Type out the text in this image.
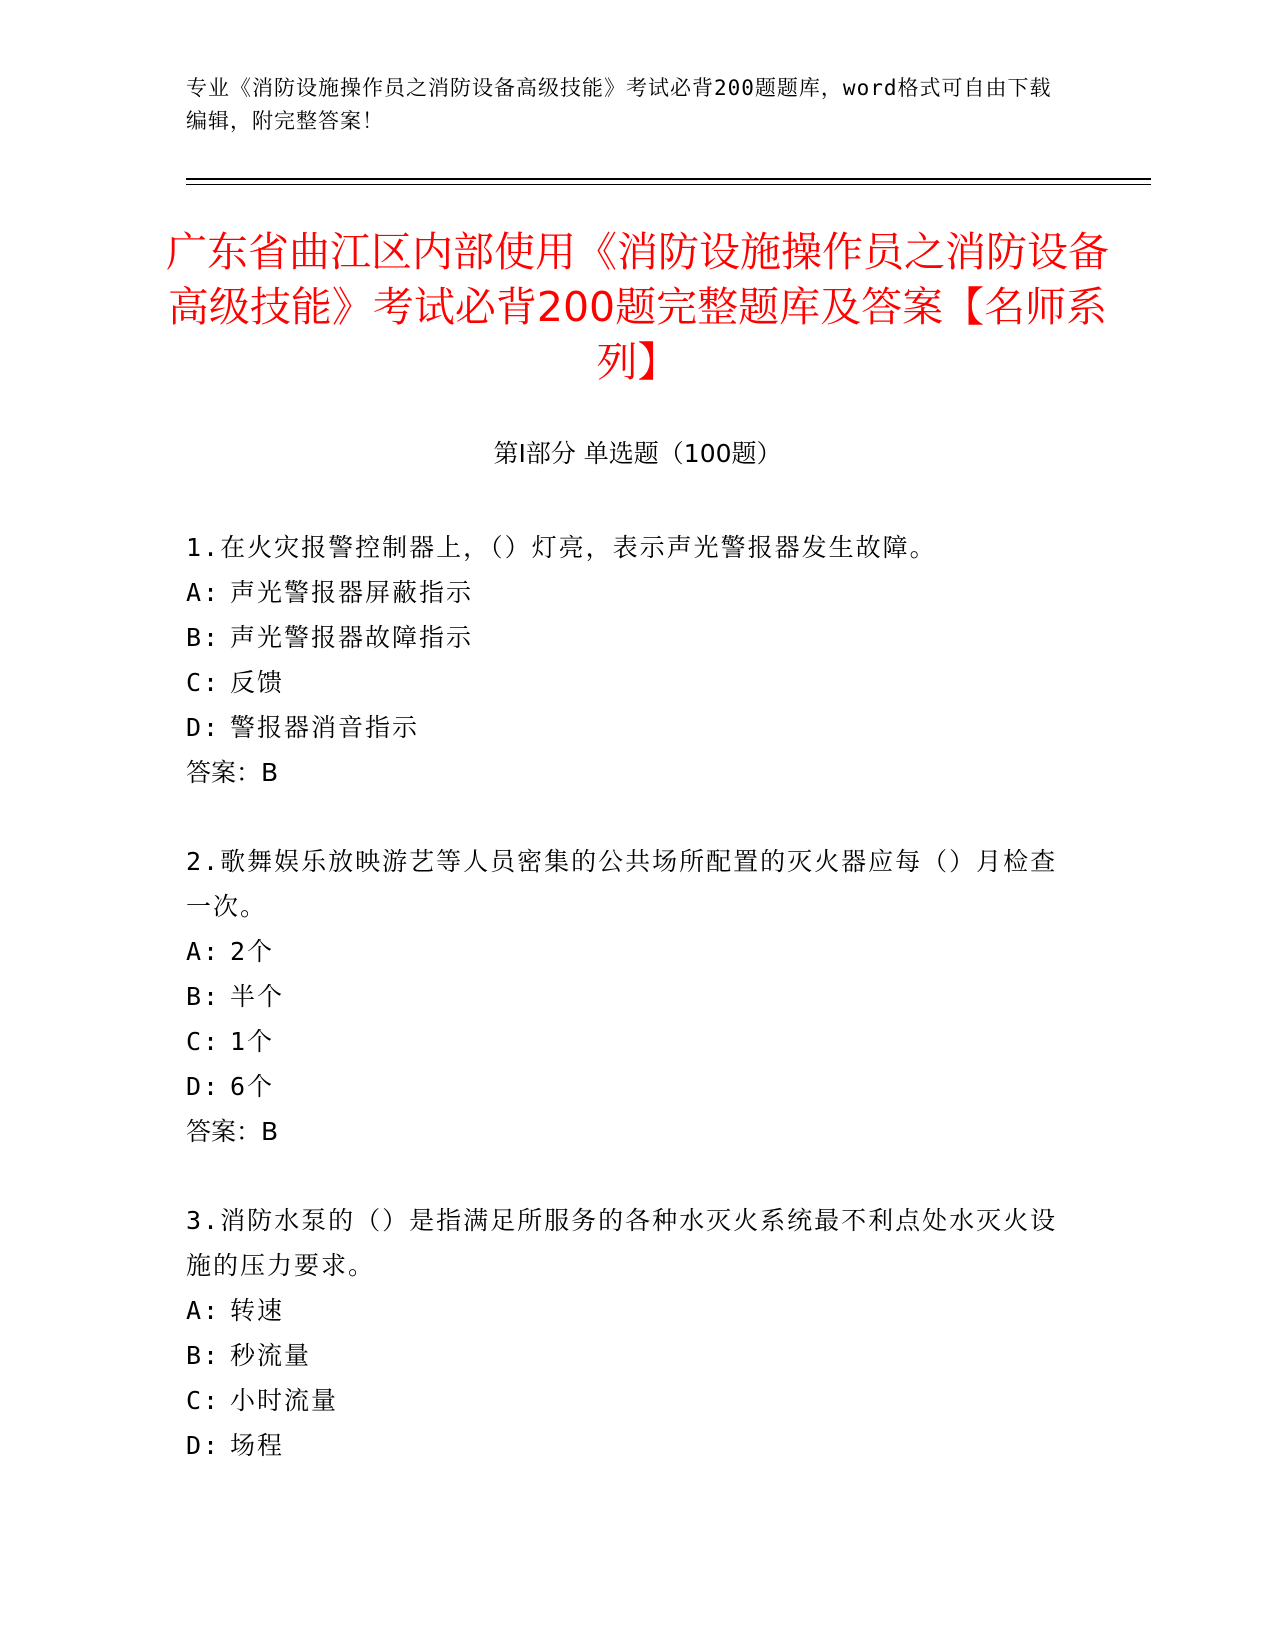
专业《消防设施操作员之消防设备高级技能》考试必背200题题库，word格式可自由下载编辑，附完整答案！
广东省曲江区内部使用《消防设施操作员之消防设备高级技能》考试必背200题完整题库及答案【名师系列】
第I部分 单选题（100题）
1.在火灾报警控制器上，（）灯亮，表示声光警报器发生故障。
A: 声光警报器屏蔽指示
B: 声光警报器故障指示
C: 反馈
D: 警报器消音指示
答案：B
2.歌舞娱乐放映游艺等人员密集的公共场所配置的灭火器应每（）月检查一次。
A: 2个
B: 半个
C: 1个
D: 6个
答案：B
3.消防水泵的（）是指满足所服务的各种水灭火系统最不利点处水灭火设施的压力要求。
A: 转速
B: 秒流量
C: 小时流量
D: 场程
